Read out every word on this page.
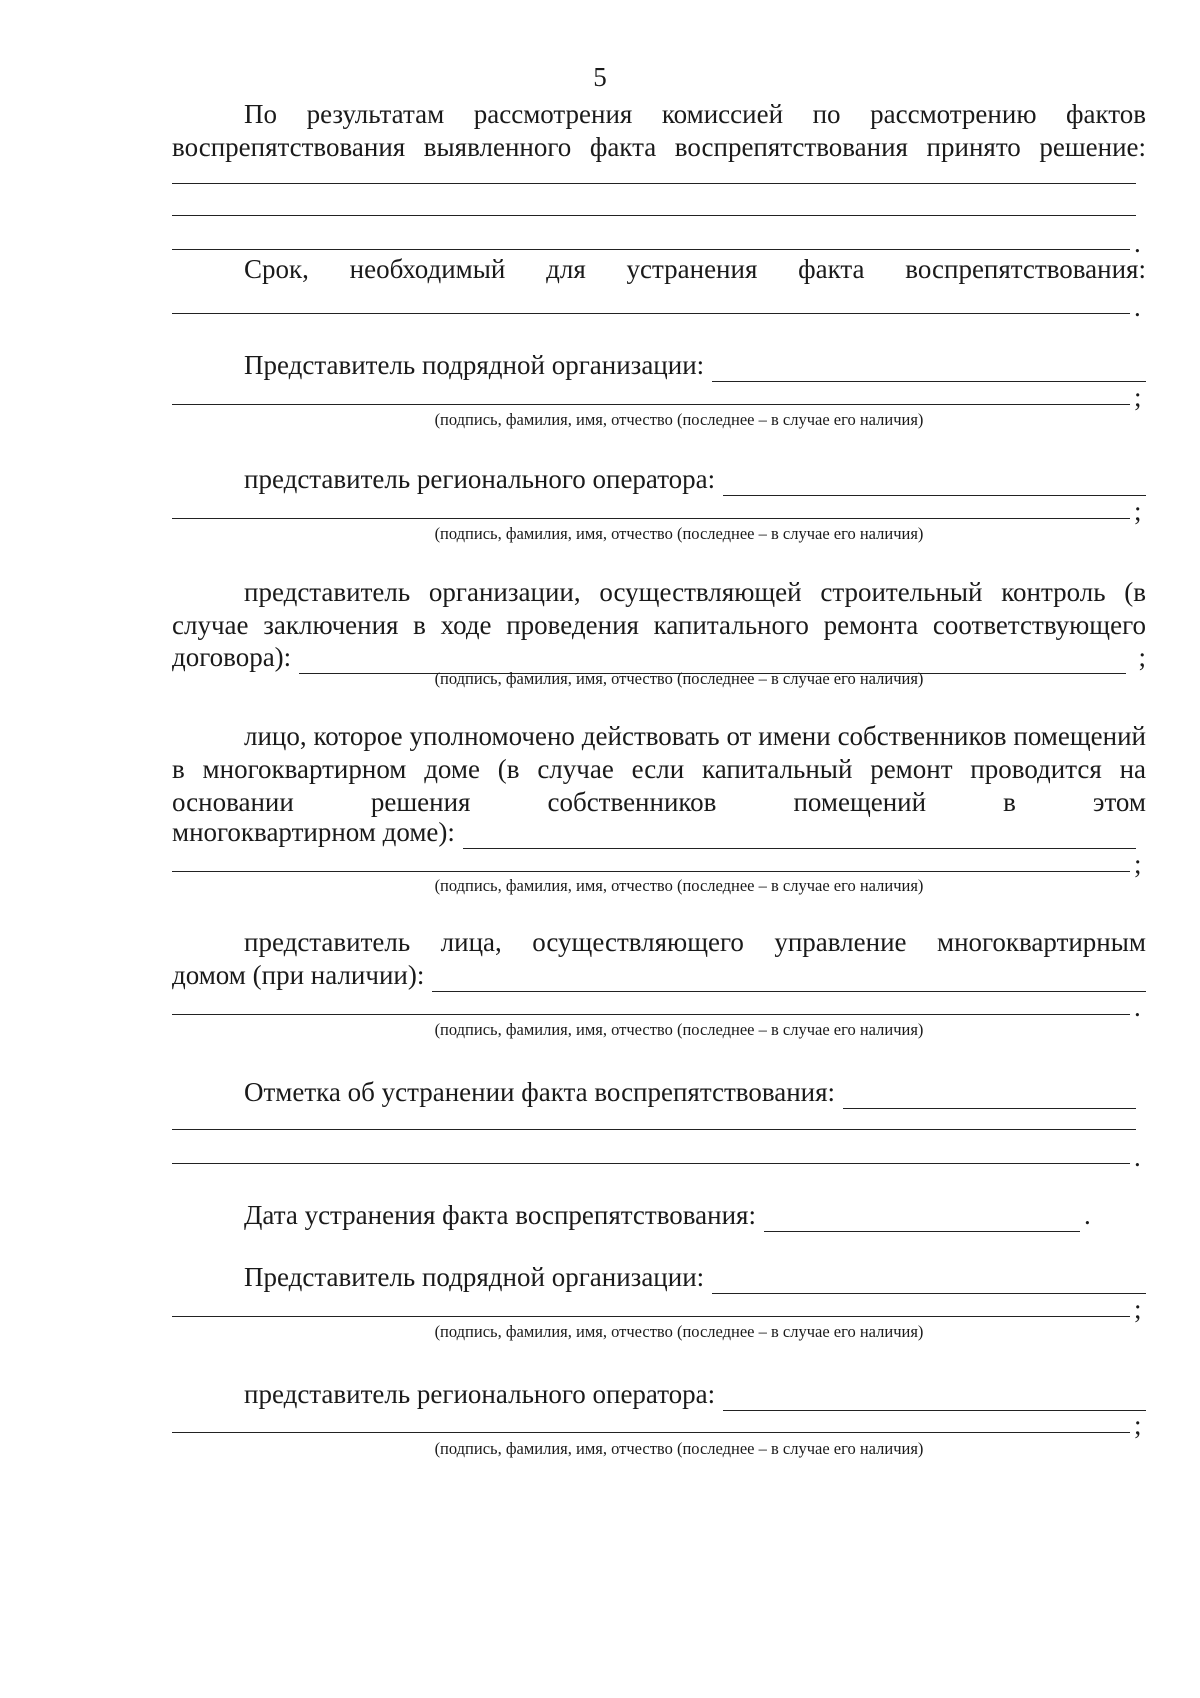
5
По результатам рассмотрения комиссией по рассмотрению фактов воспрепятствования выявленного факта воспрепятствования принято решение:
.
Срок, необходимый для устранения факта воспрепятствования:
.
Представитель подрядной организации:
;
(подпись, фамилия, имя, отчество (последнее – в случае его наличия)
представитель регионального оператора:
;
(подпись, фамилия, имя, отчество (последнее – в случае его наличия)
представитель организации, осуществляющей строительный контроль (в случае заключения в ходе проведения капитального ремонта соответствующего
договора):	;
(подпись, фамилия, имя, отчество (последнее – в случае его наличия)
лицо, которое уполномочено действовать от имени собственников помещений в многоквартирном доме (в случае если капитальный ремонт проводится на основании решения собственников помещений в этом
многоквартирном доме):
;
(подпись, фамилия, имя, отчество (последнее – в случае его наличия)
представитель лица, осуществляющего управление многоквартирным
домом (при наличии):
.
(подпись, фамилия, имя, отчество (последнее – в случае его наличия)
Отметка об устранении факта воспрепятствования:
.
Дата устранения факта воспрепятствования:	.
Представитель подрядной организации:
;
(подпись, фамилия, имя, отчество (последнее – в случае его наличия)
представитель регионального оператора:
;
(подпись, фамилия, имя, отчество (последнее – в случае его наличия)
